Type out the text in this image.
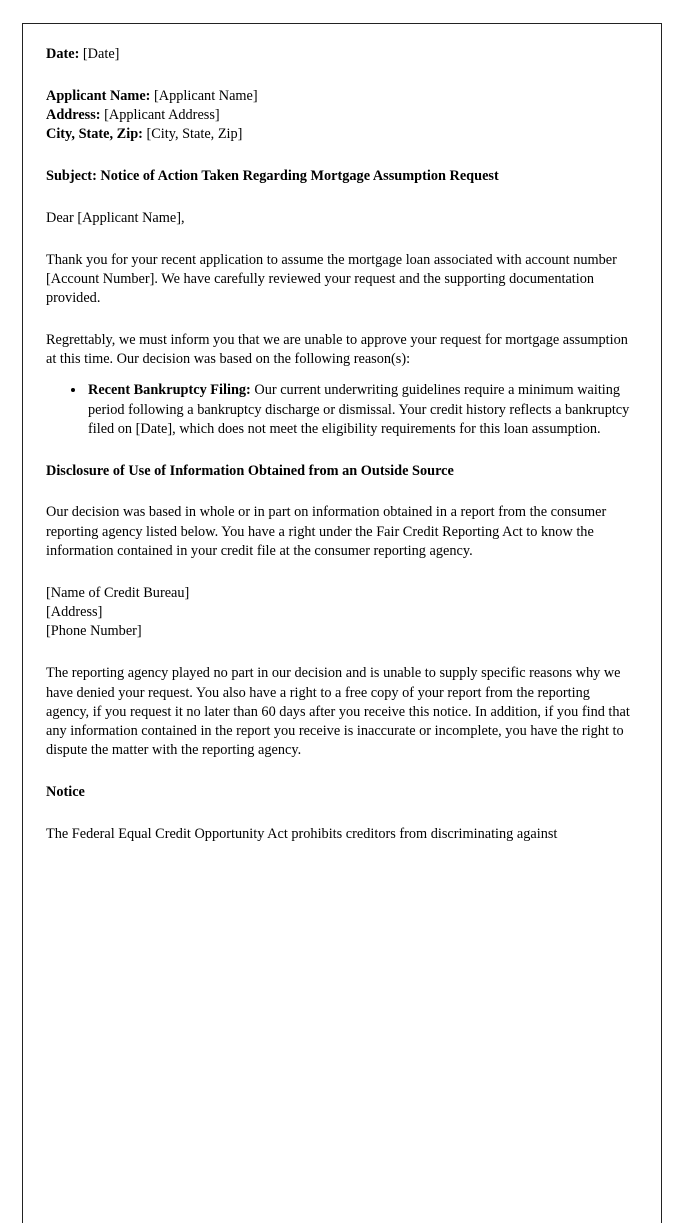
Date: [Date]

Applicant Name: [Applicant Name]

Address: [Applicant Address]

City, State, Zip: [City, State, Zip]

Subject: Notice of Action Taken Regarding Mortgage Assumption Request

Dear [Applicant Name],

Thank you for your recent application to assume the mortgage loan associated with account number [Account Number]. We have carefully reviewed your request and the supporting documentation provided.

Regrettably, we must inform you that we are unable to approve your request for mortgage assumption at this time. Our decision was based on the following reason(s):

• Recent Bankruptcy Filing: Our current underwriting guidelines require a minimum waiting period following a bankruptcy discharge or dismissal. Your credit history reflects a bankruptcy filed on [Date], which does not meet the eligibility requirements for this loan assumption.
Disclosure of Use of Information Obtained from an Outside Source

Our decision was based in whole or in part on information obtained in a report from the consumer reporting agency listed below. You have a right under the Fair Credit Reporting Act to know the information contained in your credit file at the consumer reporting agency.

[Name of Credit Bureau]

[Address]

[Phone Number]

The reporting agency played no part in our decision and is unable to supply specific reasons why we have denied your request. You also have a right to a free copy of your report from the reporting agency, if you request it no later than 60 days after you receive this notice. In addition, if you find that any information contained in the report you receive is inaccurate or incomplete, you have the right to dispute the matter with the reporting agency.

Notice

The Federal Equal Credit Opportunity Act prohibits creditors from discriminating against
